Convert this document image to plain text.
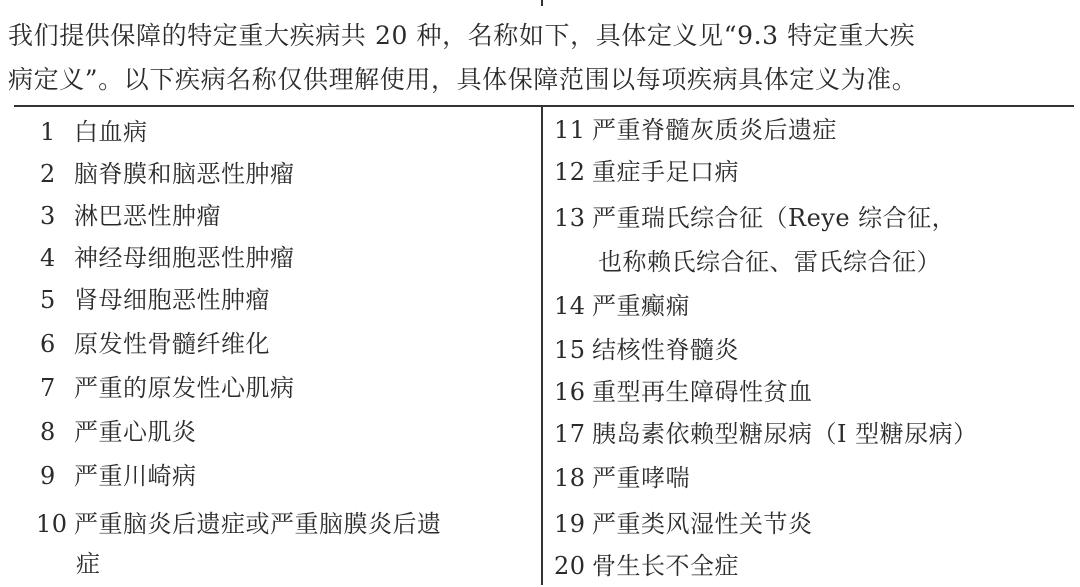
我们提供保障的特定重大疾病共 20 种，名称如下，具体定义见“9.3 特定重大疾
病定义”。以下疾病名称仅供理解使用，具体保障范围以每项疾病具体定义为准。

1 白血病
2 脑脊膜和脑恶性肿瘤
3 淋巴恶性肿瘤
4 神经母细胞恶性肿瘤
5 肾母细胞恶性肿瘤
6 原发性骨髓纤维化
7 严重的原发性心肌病
8 严重心肌炎
9 严重川崎病
10 严重脑炎后遗症或严重脑膜炎后遗
症
11 严重脊髓灰质炎后遗症
12 重症手足口病
13 严重瑞氏综合征（Reye 综合征，
也称赖氏综合征、雷氏综合征）
14 严重癫痫
15 结核性脊髓炎
16 重型再生障碍性贫血
17 胰岛素依赖型糖尿病（I 型糖尿病）
18 严重哮喘
19 严重类风湿性关节炎
20 骨生长不全症
